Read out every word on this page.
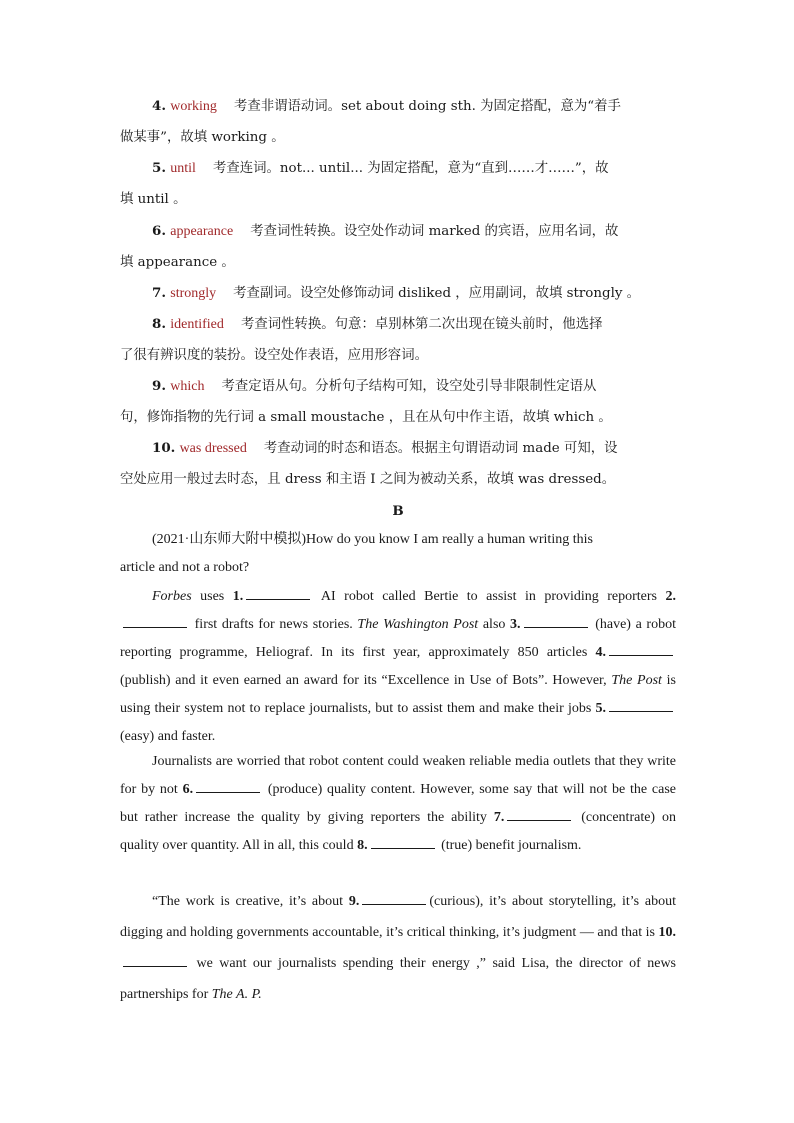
4. working 考查非谓语动词。set about doing sth. 为固定搭配，意为“着手
做某事”，故填 working 。
5. until 考查连词。not... until... 为固定搭配，意为“直到……才……”，故
填 until 。
6. appearance 考查词性转换。设空处作动词 marked 的宾语，应用名词，故
填 appearance 。
7. strongly 考查副词。设空处修饰动词 disliked ，应用副词，故填 strongly 。
8. identified 考查词性转换。句意：卓别林第二次出现在镜头前时，他选择
了很有辨识度的装扮。设空处作表语，应用形容词。
9. which 考查定语从句。分析句子结构可知，设空处引导非限制性定语从
句，修饰指物的先行词 a small moustache ，且在从句中作主语，故填 which 。
10. was dressed 考查动词的时态和语态。根据主句谓语动词 made 可知，设
空处应用一般过去时态，且 dress 和主语 I 之间为被动关系，故填 was dressed。
B
(2021·山东师大附中模拟)How do you know I am really a human writing this
article and not a robot?
Forbes uses 1.	AI robot called Bertie to assist in providing reporters 2. first drafts for news stories. The Washington Post also 3.	(have) a robot reporting programme, Heliograf. In its first year, approximately 850 articles 4. (publish) and it even earned an award for its “Excellence in Use of Bots”. However, The Post is using their system not to replace journalists, but to assist them and make their jobs 5. (easy) and faster.
Journalists are worried that robot content could weaken reliable media outlets that they write for by not 6.	(produce) quality content. However, some say that will not be the case but rather increase the quality by giving reporters the ability 7.	(concentrate) on quality over quantity. All in all, this could 8.	(true) benefit journalism.
“The work is creative, it’s about 9.	(curious), it’s about storytelling, it’s about digging and holding governments accountable, it’s critical thinking, it’s judgment — and that is 10. we want our journalists spending their energy ,” said Lisa, the director of news partnerships for The A. P.
